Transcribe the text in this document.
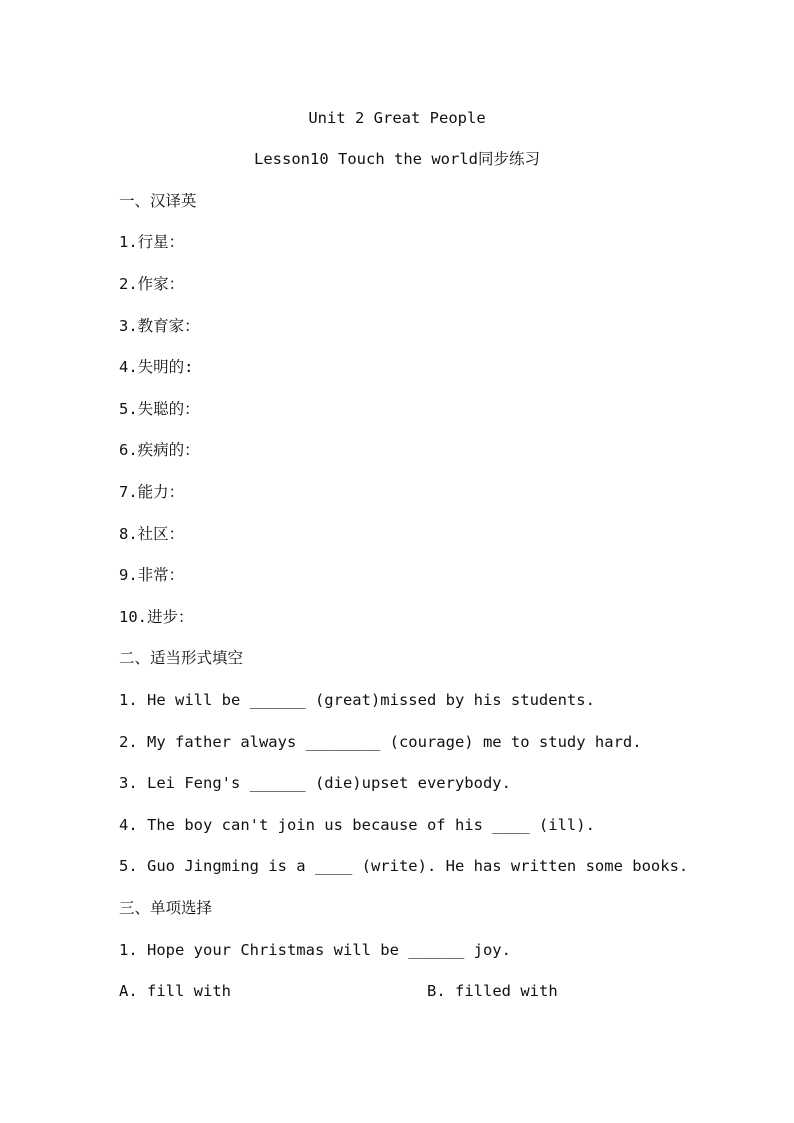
Unit 2 Great People
Lesson10 Touch the world同步练习
一、汉译英
1.行星：
2.作家：
3.教育家：
4.失明的:
5.失聪的：
6.疾病的：
7.能力：
8.社区：
9.非常：
10.进步：
二、适当形式填空
1. He will be ______ (great)missed by his students.
2. My father always ________ (courage) me to study hard.
3. Lei Feng's ______ (die)upset everybody.
4. The boy can't join us because of his ____ (ill).
5. Guo Jingming is a ____ (write). He has written some books.
三、单项选择
1. Hope your Christmas will be ______ joy.
A. fill with	B. filled with
